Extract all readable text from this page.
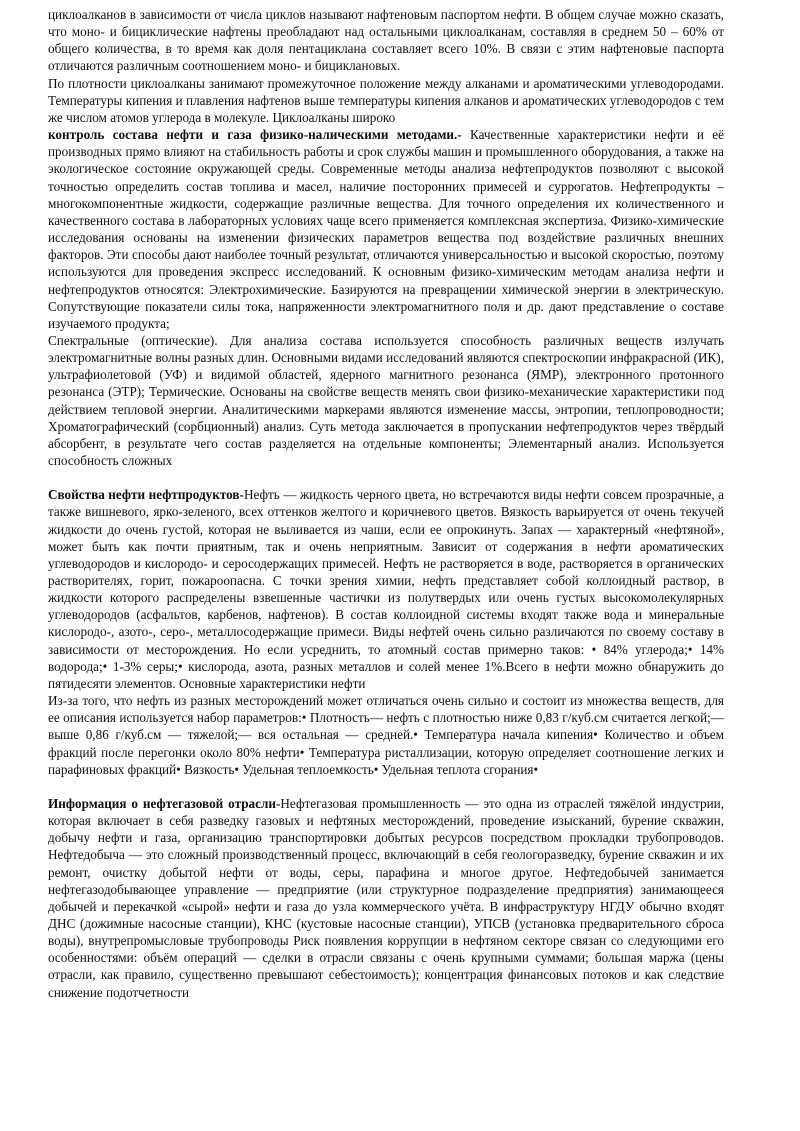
циклоалканов в зависимости от числа циклов называют нафтеновым паспортом нефти. В общем случае можно сказать, что моно- и бициклические нафтены преобладают над остальными циклоалканам, составляя в среднем 50 – 60% от общего количества, в то время как доля пентациклана составляет всего 10%. В связи с этим нафтеновые паспорта отличаются различным соотношением моно- и бициклановых.

По плотности циклоалканы занимают промежуточное положение между алканами и ароматическими углеводородами. Температуры кипения и плавления нафтенов выше температуры кипения алканов и ароматических углеводородов с тем же числом атомов углерода в молекуле. Циклоалканы широко

контроль состава нефти и газа физико-налическими методами.- Качественные характеристики нефти и её производных прямо влияют на стабильность работы и срок службы машин и промышленного оборудования, а также на экологическое состояние окружающей среды. Современные методы анализа нефтепродуктов позволяют с высокой точностью определить состав топлива и масел, наличие посторонних примесей и суррогатов. Нефтепродукты – многокомпонентные жидкости, содержащие различные вещества. Для точного определения их количественного и качественного состава в лабораторных условиях чаще всего применяется комплексная экспертиза. Физико-химические исследования основаны на изменении физических параметров вещества под воздействие различных внешних факторов. Эти способы дают наиболее точный результат, отличаются универсальностью и высокой скоростью, поэтому используются для проведения экспресс исследований. К основным физико-химическим методам анализа нефти и нефтепродуктов относятся: Электрохимические. Базируются на превращении химической энергии в электрическую. Сопутствующие показатели силы тока, напряженности электромагнитного поля и др. дают представление о составе изучаемого продукта;

Спектральные (оптические). Для анализа состава используется способность различных веществ излучать электромагнитные волны разных длин. Основными видами исследований являются спектроскопии инфракрасной (ИК), ультрафиолетовой (УФ) и видимой областей, ядерного магнитного резонанса (ЯМР), электронного протонного резонанса (ЭТР); Термические. Основаны на свойстве веществ менять свои физико-механические характеристики под действием тепловой энергии. Аналитическими маркерами являются изменение массы, энтропии, теплопроводности; Хроматографический (сорбционный) анализ. Суть метода заключается в пропускании нефтепродуктов через твёрдый абсорбент, в результате чего состав разделяется на отдельные компоненты; Элементарный анализ. Используется способность сложных

Свойства нефти нефтпродуктов-Нефть — жидкость черного цвета, но встречаются виды нефти совсем прозрачные, а также вишневого, ярко-зеленого, всех оттенков желтого и коричневого цветов. Вязкость варьируется от очень текучей жидкости до очень густой, которая не выливается из чаши, если ее опрокинуть. Запах — характерный «нефтяной», может быть как почти приятным, так и очень неприятным. Зависит от содержания в нефти ароматических углеводородов и кислородо- и серосодержащих примесей. Нефть не растворяется в воде, растворяется в органических растворителях, горит, пожароопасна. С точки зрения химии, нефть представляет собой коллоидный раствор, в жидкости которого распределены взвешенные частички из полутвердых или очень густых высокомолекулярных углеводородов (асфальтов, карбенов, нафтенов). В состав коллоидной системы входят также вода и минеральные кислородо-, азото-, серо-, металлосодержащие примеси. Виды нефтей очень сильно различаются по своему составу в зависимости от месторождения. Но если усреднить, то атомный состав примерно таков: • 84% углерода;• 14% водорода;• 1-3% серы;• кислорода, азота, разных металлов и солей менее 1%.Всего в нефти можно обнаружить до пятидесяти элементов. Основные характеристики нефти

Из-за того, что нефть из разных месторождений может отличаться очень сильно и состоит из множества веществ, для ее описания используется набор параметров:• Плотность— нефть с плотностью ниже 0,83 г/куб.см считается легкой;— выше 0,86 г/куб.см — тяжелой;— вся остальная — средней.• Температура начала кипения• Количество и объем фракций после перегонки около 80% нефти• Температура ристаллизации, которую определяет соотношение легких и парафиновых фракций• Вязкость• Удельная теплоемкость• Удельная теплота сгорания•

Информация о нефтегазовой отрасли-Нефтегазовая промышленность — это одна из отраслей тяжёлой индустрии, которая включает в себя разведку газовых и нефтяных месторождений, проведение изысканий, бурение скважин, добычу нефти и газа, организацию транспортировки добытых ресурсов посредством прокладки трубопроводов. Нефтедобыча — это сложный производственный процесс, включающий в себя геологоразведку, бурение скважин и их ремонт, очистку добытой нефти от воды, серы, парафина и многое другое. Нефтедобычей занимается нефтегазодобывающее управление — предприятие (или структурное подразделение предприятия) занимающееся добычей и перекачкой «сырой» нефти и газа до узла коммерческого учёта. В инфраструктуру НГДУ обычно входят ДНС (дожимные насосные станции), КНС (кустовые насосные станции), УПСВ (установка предварительного сброса воды), внутрепромысловые трубопроводы Риск появления коррупции в нефтяном секторе связан со следующими его особенностями: объём операций — сделки в отрасли связаны с очень крупными суммами; большая маржа (цены отрасли, как правило, существенно превышают себестоимость); концентрация финансовых потоков и как следствие снижение подотчетности
